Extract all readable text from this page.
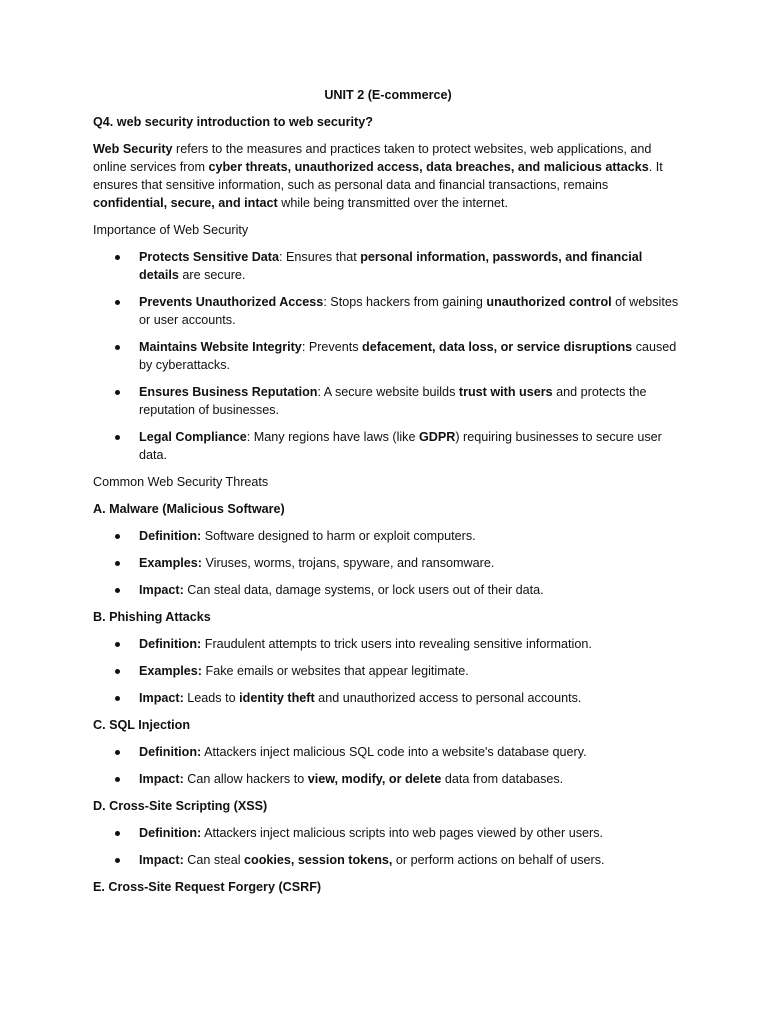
UNIT 2 (E-commerce)
Q4. web security introduction to web security?
Web Security refers to the measures and practices taken to protect websites, web applications, and online services from cyber threats, unauthorized access, data breaches, and malicious attacks. It ensures that sensitive information, such as personal data and financial transactions, remains confidential, secure, and intact while being transmitted over the internet.
Importance of Web Security
Protects Sensitive Data: Ensures that personal information, passwords, and financial details are secure.
Prevents Unauthorized Access: Stops hackers from gaining unauthorized control of websites or user accounts.
Maintains Website Integrity: Prevents defacement, data loss, or service disruptions caused by cyberattacks.
Ensures Business Reputation: A secure website builds trust with users and protects the reputation of businesses.
Legal Compliance: Many regions have laws (like GDPR) requiring businesses to secure user data.
Common Web Security Threats
A. Malware (Malicious Software)
Definition: Software designed to harm or exploit computers.
Examples: Viruses, worms, trojans, spyware, and ransomware.
Impact: Can steal data, damage systems, or lock users out of their data.
B. Phishing Attacks
Definition: Fraudulent attempts to trick users into revealing sensitive information.
Examples: Fake emails or websites that appear legitimate.
Impact: Leads to identity theft and unauthorized access to personal accounts.
C. SQL Injection
Definition: Attackers inject malicious SQL code into a website's database query.
Impact: Can allow hackers to view, modify, or delete data from databases.
D. Cross-Site Scripting (XSS)
Definition: Attackers inject malicious scripts into web pages viewed by other users.
Impact: Can steal cookies, session tokens, or perform actions on behalf of users.
E. Cross-Site Request Forgery (CSRF)
